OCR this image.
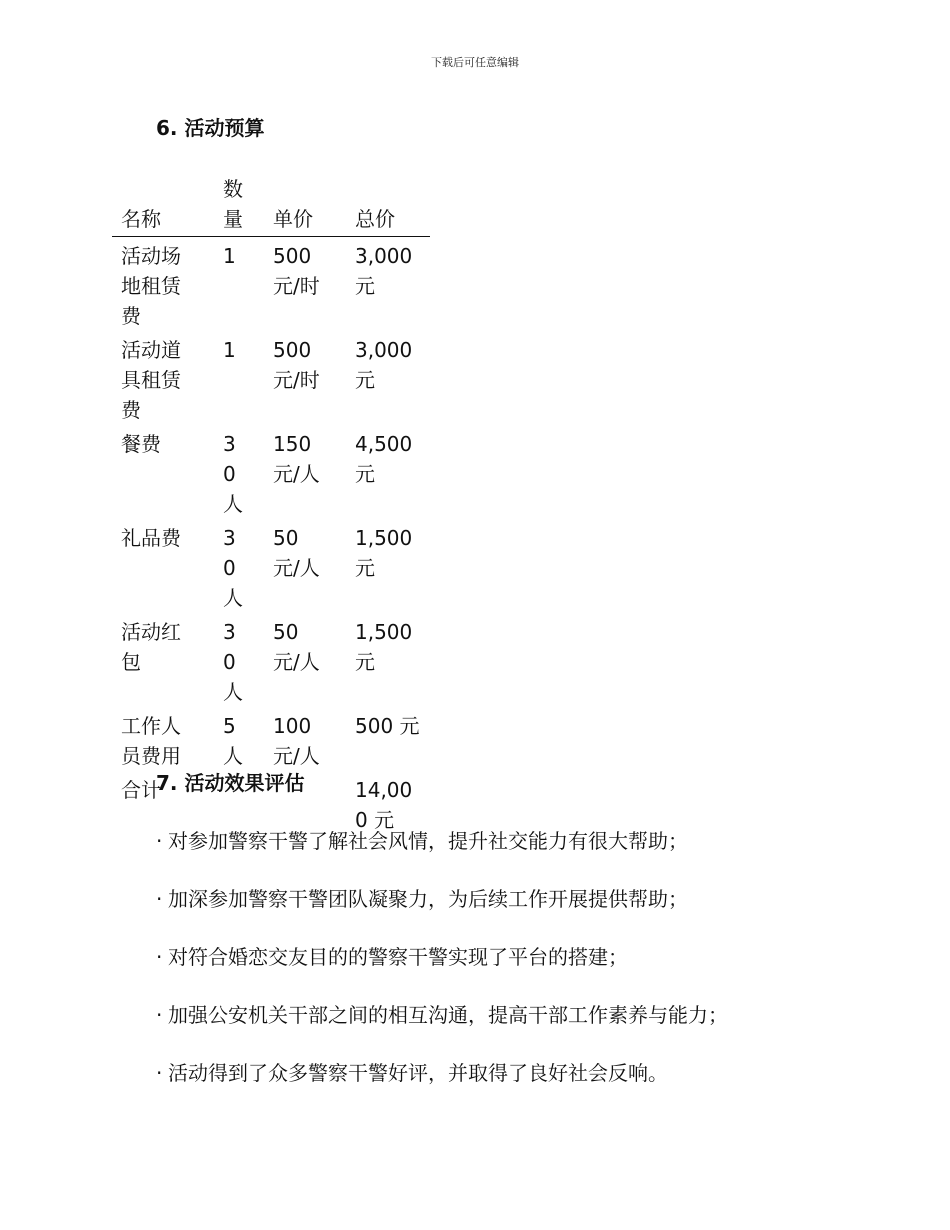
下载后可任意编辑
6. 活动预算
名称	数量	单价	总价
活动场地租赁费	1	500 元/时	3,000 元
活动道具租赁费	1	500 元/时	3,000 元
餐费	30 人	150 元/人	4,500 元
礼品费	30 人	50 元/人	1,500 元
活动红包	30 人	50 元/人	1,500 元
工作人员费用	5 人	100 元/人	500 元
合计			14,000 元
7. 活动效果评估
· 对参加警察干警了解社会风情，提升社交能力有很大帮助；
· 加深参加警察干警团队凝聚力，为后续工作开展提供帮助；
· 对符合婚恋交友目的的警察干警实现了平台的搭建；
· 加强公安机关干部之间的相互沟通，提高干部工作素养与能力；
· 活动得到了众多警察干警好评，并取得了良好社会反响。
